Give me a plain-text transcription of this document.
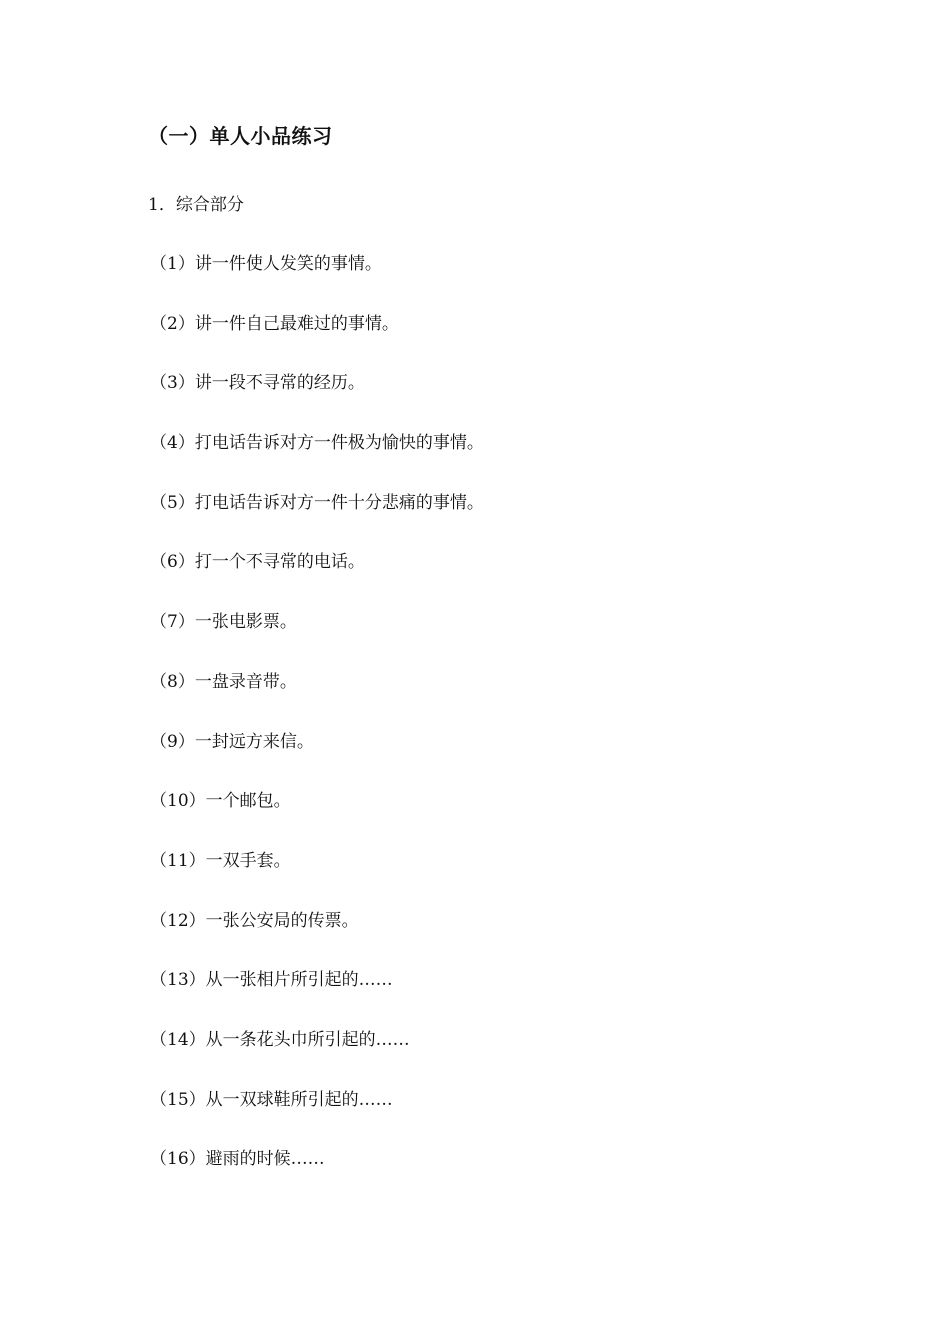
（一）单人小品练习
1．综合部分
（1）讲一件使人发笑的事情。
（2）讲一件自己最难过的事情。
（3）讲一段不寻常的经历。
（4）打电话告诉对方一件极为愉快的事情。
（5）打电话告诉对方一件十分悲痛的事情。
（6）打一个不寻常的电话。
（7）一张电影票。
（8）一盘录音带。
（9）一封远方来信。
（10）一个邮包。
（11）一双手套。
（12）一张公安局的传票。
（13）从一张相片所引起的……
（14）从一条花头巾所引起的……
（15）从一双球鞋所引起的……
（16）避雨的时候……
